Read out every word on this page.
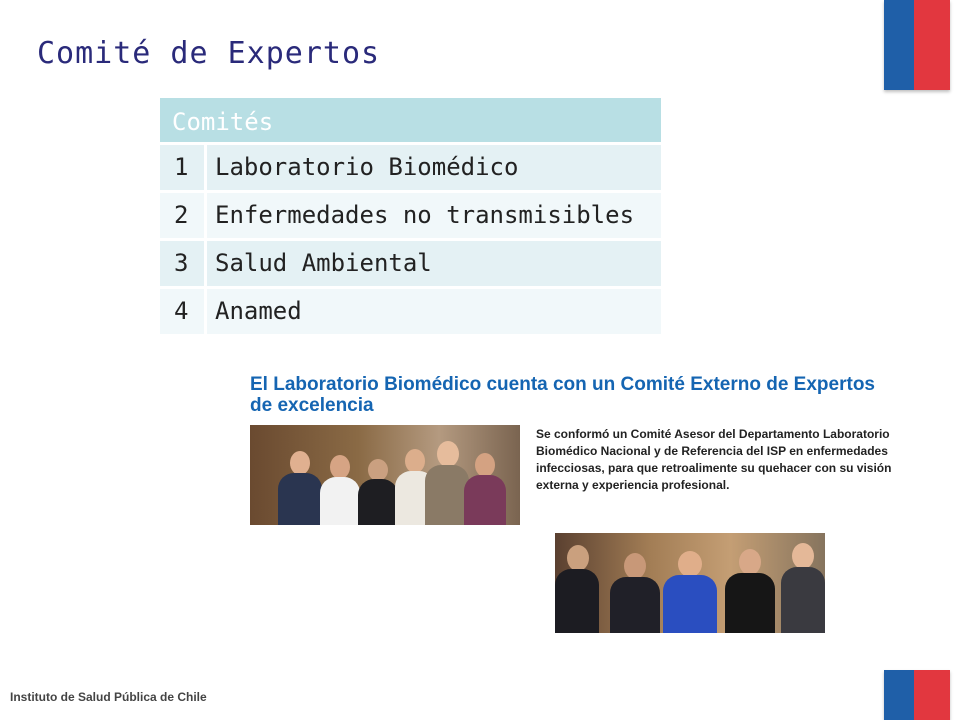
Comité de Expertos
Comités	
1	Laboratorio Biomédico
2	Enfermedades no transmisibles
3	Salud Ambiental
4	Anamed
El Laboratorio Biomédico cuenta con un Comité Externo de Expertos de excelencia

Se conformó un Comité Asesor del Departamento Laboratorio Biomédico Nacional y de Referencia del ISP en enfermedades infecciosas, para que retroalimente su quehacer con su visión externa y experiencia profesional.

Instituto de Salud Pública de Chile
